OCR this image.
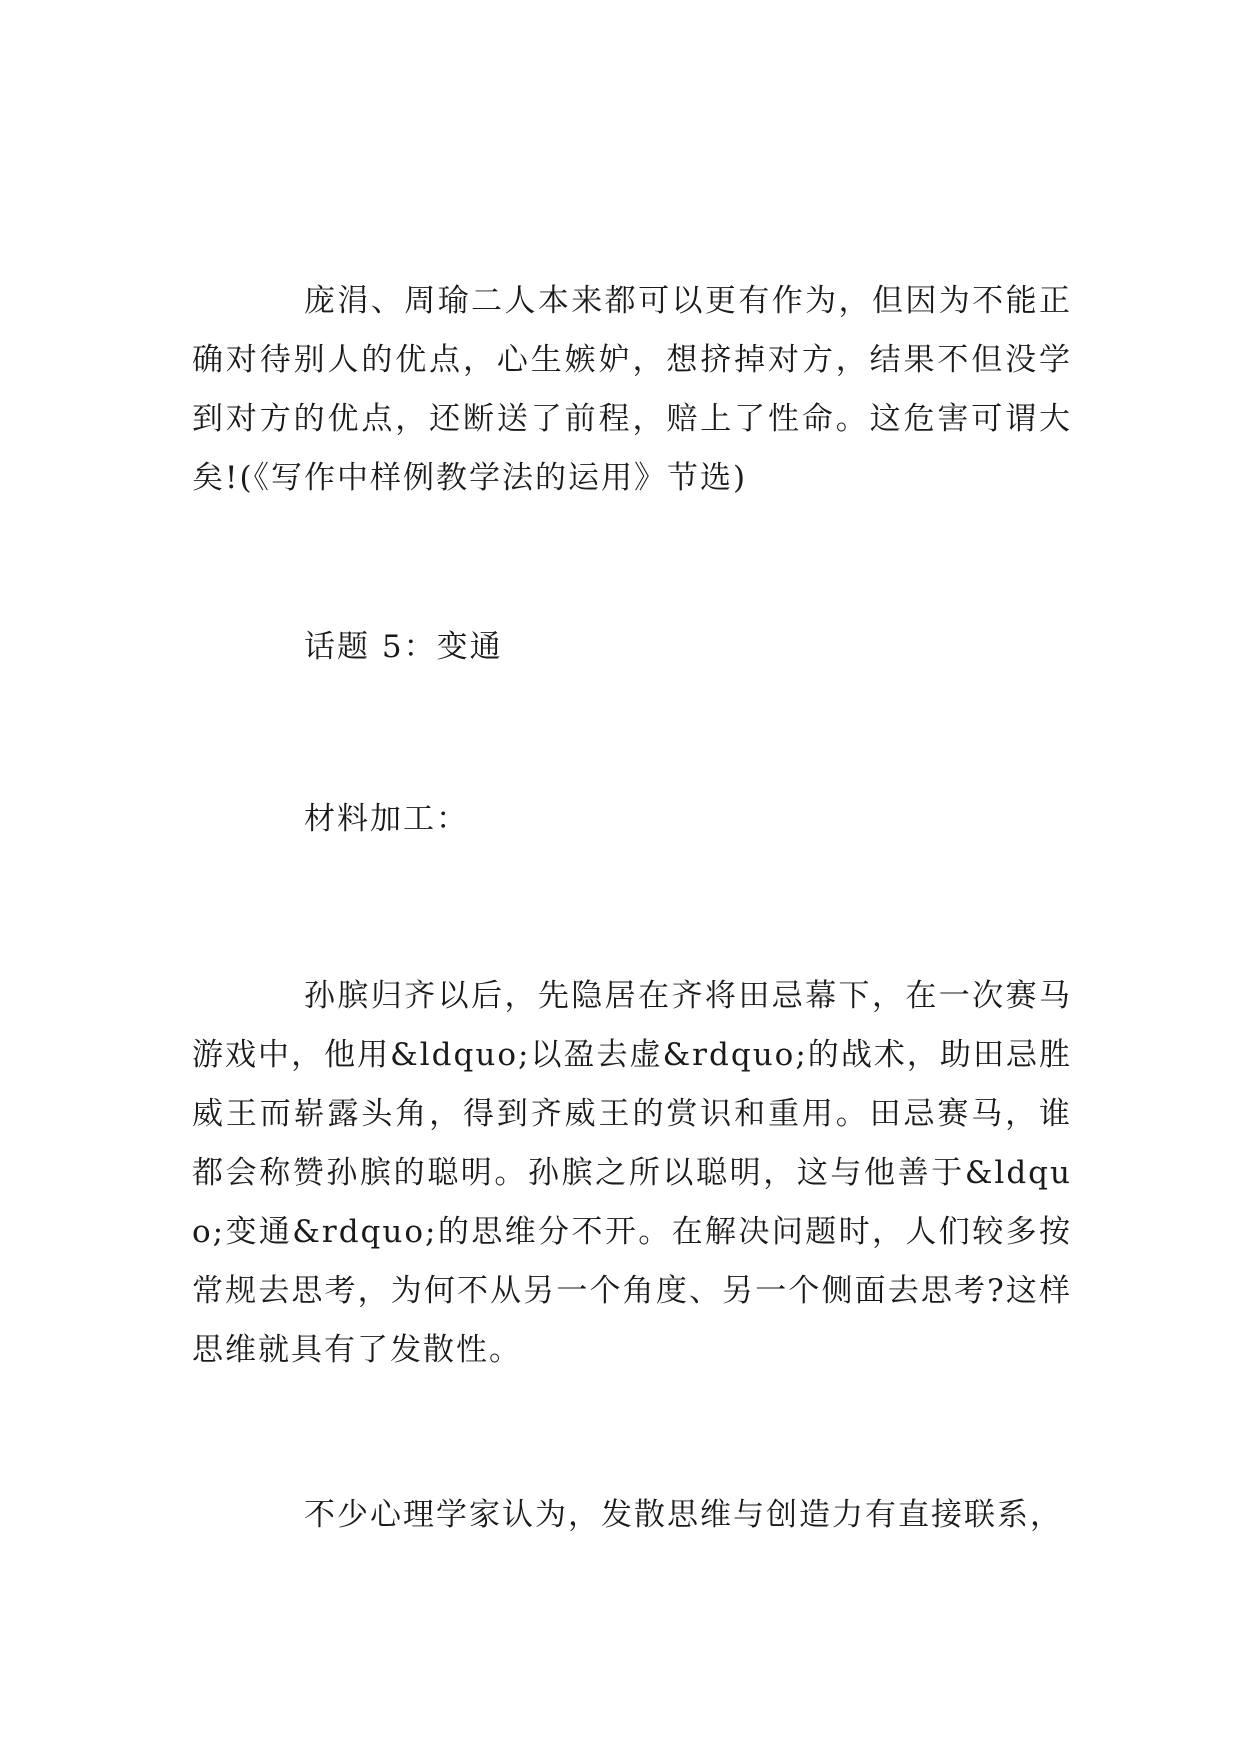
庞涓、周瑜二人本来都可以更有作为，但因为不能正确对待别人的优点，心生嫉妒，想挤掉对方，结果不但没学到对方的优点，还断送了前程，赔上了性命。这危害可谓大矣!(《写作中样例教学法的运用》节选)

话题 5：变通

材料加工：

孙膑归齐以后，先隐居在齐将田忌幕下，在一次赛马游戏中，他用&ldquo;以盈去虚&rdquo;的战术，助田忌胜威王而崭露头角，得到齐威王的赏识和重用。田忌赛马，谁都会称赞孙膑的聪明。孙膑之所以聪明，这与他善于&ldquo;变通&rdquo;的思维分不开。在解决问题时，人们较多按常规去思考，为何不从另一个角度、另一个侧面去思考?这样思维就具有了发散性。

不少心理学家认为，发散思维与创造力有直接联系，
